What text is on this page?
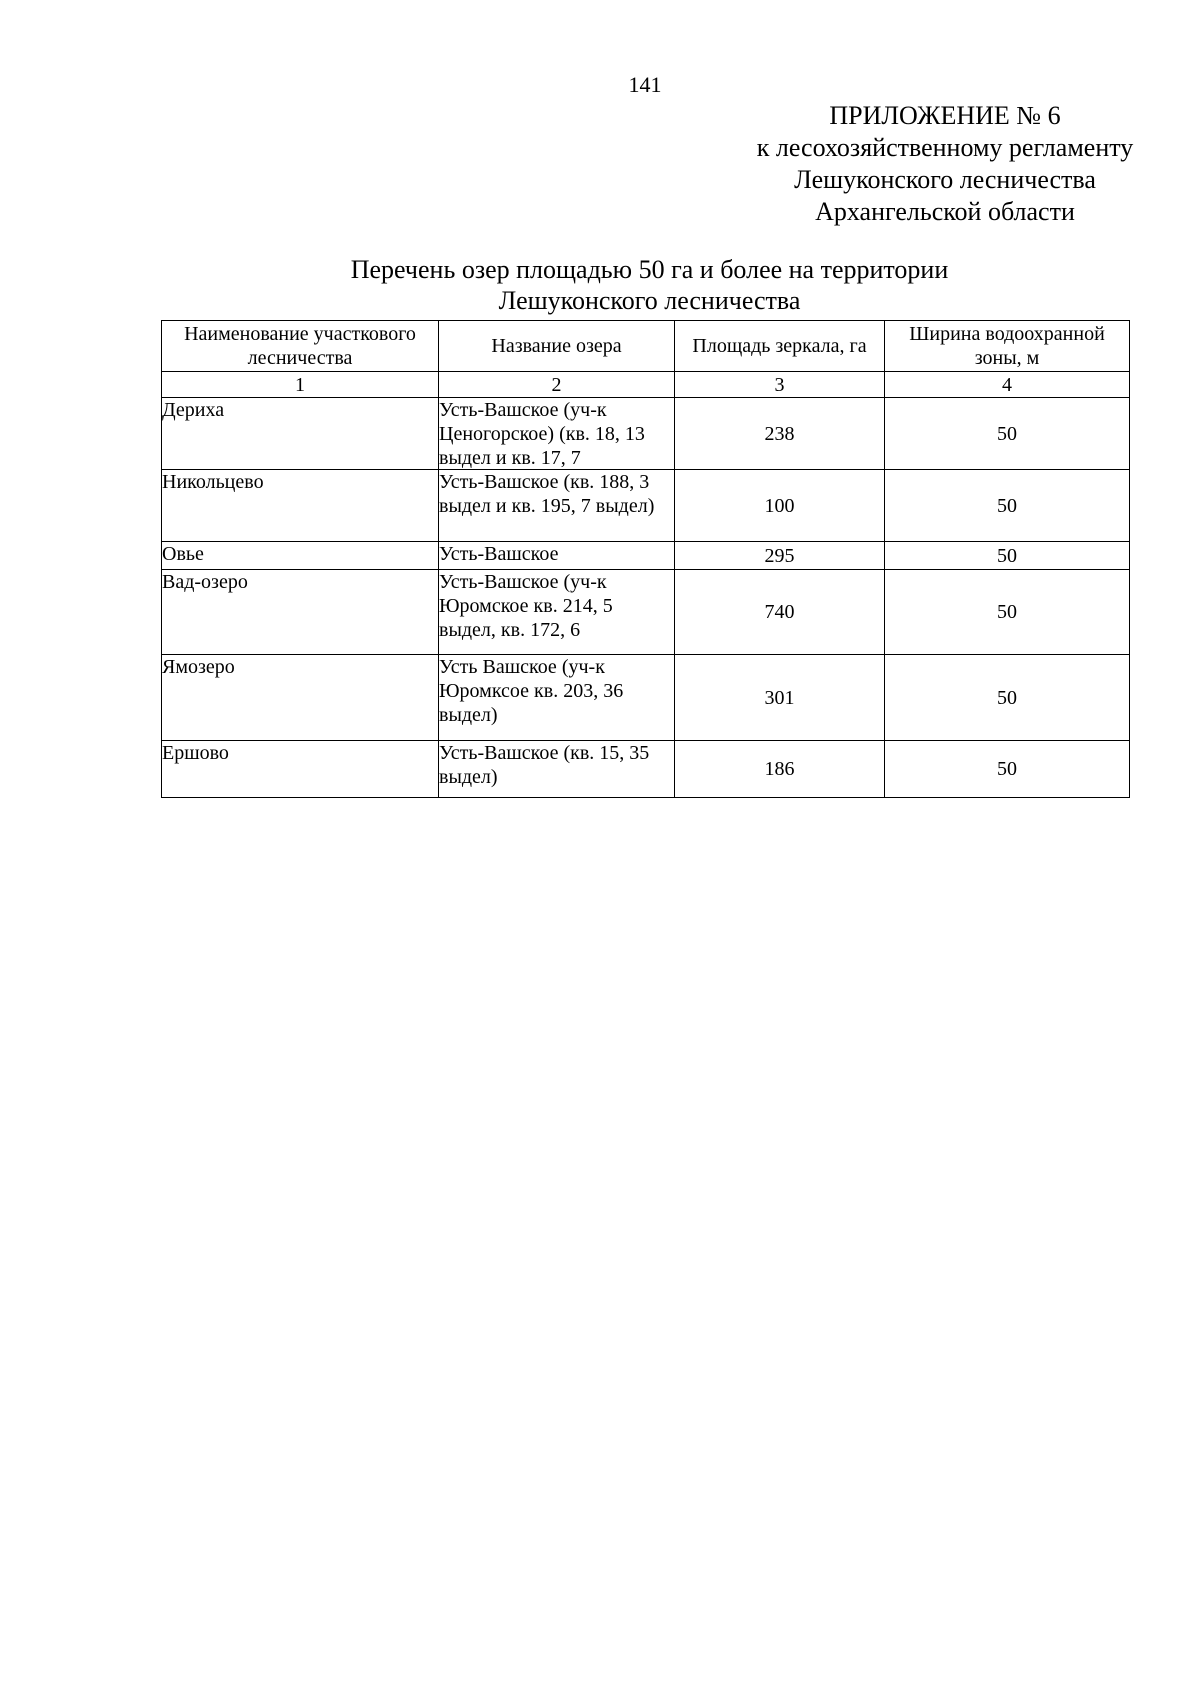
141
ПРИЛОЖЕНИЕ № 6
к лесохозяйственному регламенту
Лешуконского лесничества
Архангельской области
Перечень озер площадью 50 га и более на территории
Лешуконского лесничества
Наименование участкового лесничества	Название озера	Площадь зеркала, га	Ширина водоохранной зоны, м
1	2	3	4
Дериха	Усть-Вашское (уч-к Ценогорское) (кв. 18, 13 выдел и кв. 17, 7	238	50
Никольцево	Усть-Вашское (кв. 188, 3 выдел и кв. 195, 7 выдел)	100	50
Овье	Усть-Вашское	295	50
Вад-озеро	Усть-Вашское (уч-к Юромское кв. 214, 5 выдел, кв. 172, 6	740	50
Ямозеро	Усть Вашское (уч-к Юромксое кв. 203, 36 выдел)	301	50
Ершово	Усть-Вашское (кв. 15, 35 выдел)	186	50
